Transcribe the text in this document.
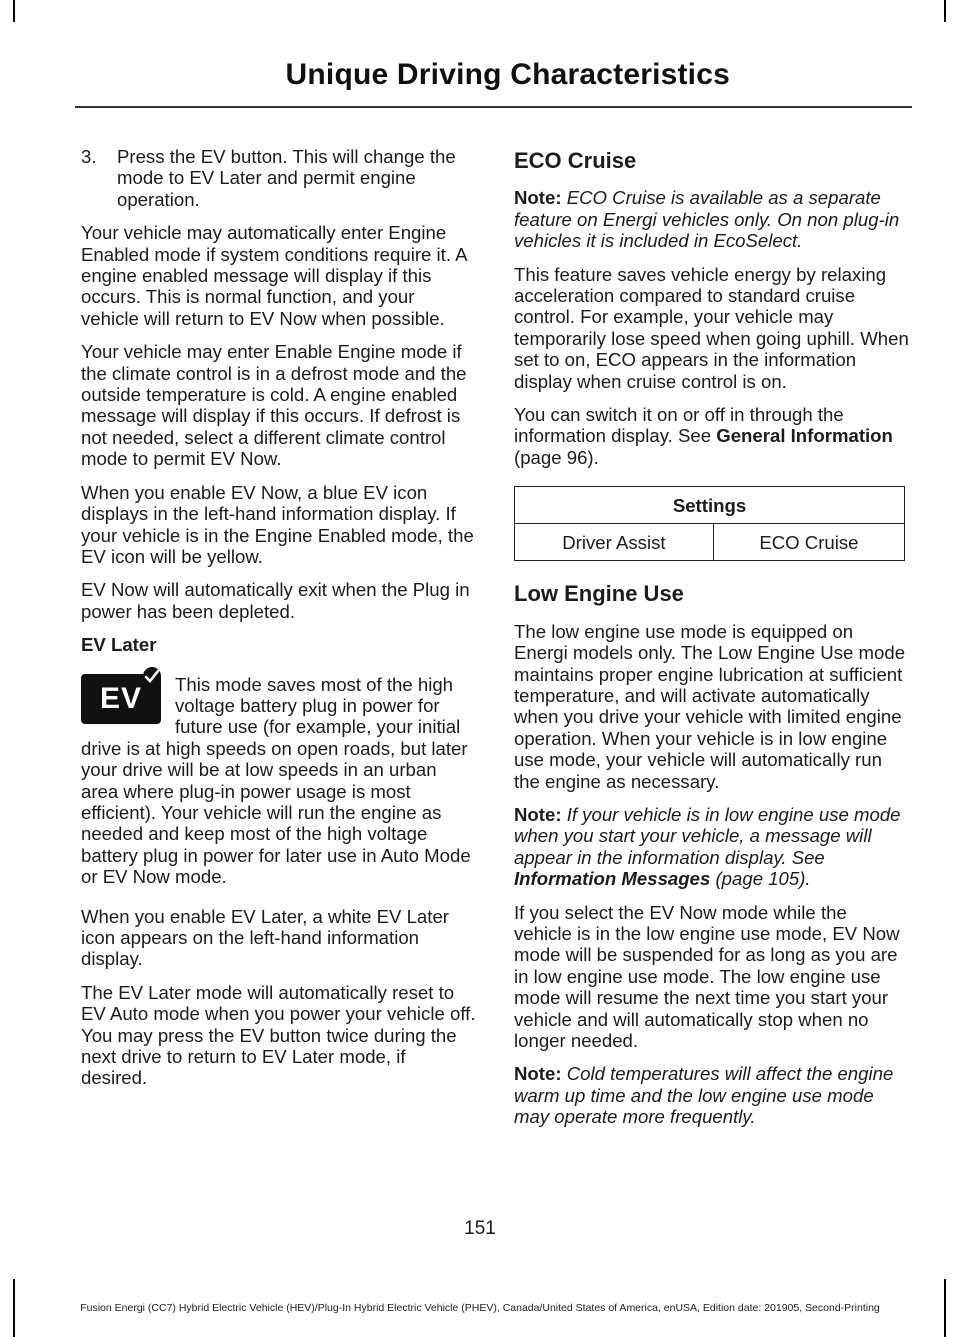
Unique Driving Characteristics
3.	Press the EV button. This will change the mode to EV Later and permit engine operation.

Your vehicle may automatically enter Engine Enabled mode if system conditions require it. A engine enabled message will display if this occurs. This is normal function, and your vehicle will return to EV Now when possible.

Your vehicle may enter Enable Engine mode if the climate control is in a defrost mode and the outside temperature is cold. A engine enabled message will display if this occurs. If defrost is not needed, select a different climate control mode to permit EV Now.

When you enable EV Now, a blue EV icon displays in the left-hand information display. If your vehicle is in the Engine Enabled mode, the EV icon will be yellow.

EV Now will automatically exit when the Plug in power has been depleted.

EV Later
EV	This mode saves most of the high voltage battery plug in power for future use (for example, your initial drive is at high speeds on open roads, but later your drive will be at low speeds in an urban area where plug-in power usage is most efficient). Your vehicle will run the engine as needed and keep most of the high voltage battery plug in power for later use in Auto Mode or EV Now mode.

When you enable EV Later, a white EV Later icon appears on the left-hand information display.

The EV Later mode will automatically reset to EV Auto mode when you power your vehicle off. You may press the EV button twice during the next drive to return to EV Later mode, if desired.

ECO Cruise

Note: ECO Cruise is available as a separate feature on Energi vehicles only. On non plug-in vehicles it is included in EcoSelect.

This feature saves vehicle energy by relaxing acceleration compared to standard cruise control. For example, your vehicle may temporarily lose speed when going uphill. When set to on, ECO appears in the information display when cruise control is on.

You can switch it on or off in through the information display. See General Information (page 96).

Settings
Driver Assist	ECO Cruise
Low Engine Use

The low engine use mode is equipped on Energi models only. The Low Engine Use mode maintains proper engine lubrication at sufficient temperature, and will activate automatically when you drive your vehicle with limited engine operation. When your vehicle is in low engine use mode, your vehicle will automatically run the engine as necessary.

Note: If your vehicle is in low engine use mode when you start your vehicle, a message will appear in the information display. See Information Messages (page 105).

If you select the EV Now mode while the vehicle is in the low engine use mode, EV Now mode will be suspended for as long as you are in low engine use mode. The low engine use mode will resume the next time you start your vehicle and will automatically stop when no longer needed.

Note: Cold temperatures will affect the engine warm up time and the low engine use mode may operate more frequently.

151
Fusion Energi (CC7) Hybrid Electric Vehicle (HEV)/Plug-In Hybrid Electric Vehicle (PHEV), Canada/United States of America, enUSA, Edition date: 201905, Second-Printing
